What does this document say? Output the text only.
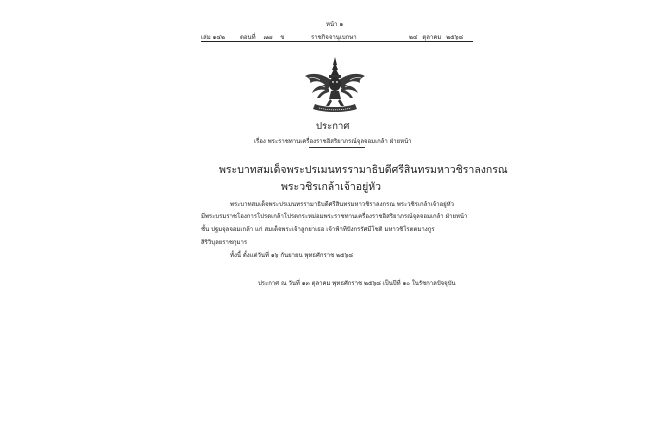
หน้า ๑
เล่ม ๑๔๒	ตอนที่ ๗๗ ข	ราชกิจจานุเบกษา	๒๔ ตุลาคม ๒๕๖๘
ประกาศ
เรื่อง พระราชทานเครื่องราชอิสริยาภรณ์จุลจอมเกล้า ฝ่ายหน้า
พระบาทสมเด็จพระปรเมนทรรามาธิบดีศรีสินทรมหาวชิราลงกรณ
พระวชิรเกล้าเจ้าอยู่หัว
พระบาทสมเด็จพระปรเมนทรรามาธิบดีศรีสินทรมหาวชิราลงกรณ พระวชิรเกล้าเจ้าอยู่หัว
มีพระบรมราชโองการโปรดเกล้าโปรดกระหม่อมพระราชทานเครื่องราชอิสริยาภรณ์จุลจอมเกล้า ฝ่ายหน้า
ชั้น ปฐมจุลจอมเกล้า แก่ สมเด็จพระเจ้าลูกยาเธอ เจ้าฟ้าทีปังกรรัศมีโชติ มหาวชิโรตตมางกูร
สิริวิบุลยราชกุมาร
ทั้งนี้ ตั้งแต่วันที่ ๑๖ กันยายน พุทธศักราช ๒๕๖๘
ประกาศ ณ วันที่ ๑๓ ตุลาคม พุทธศักราช ๒๕๖๘ เป็นปีที่ ๑๐ ในรัชกาลปัจจุบัน
